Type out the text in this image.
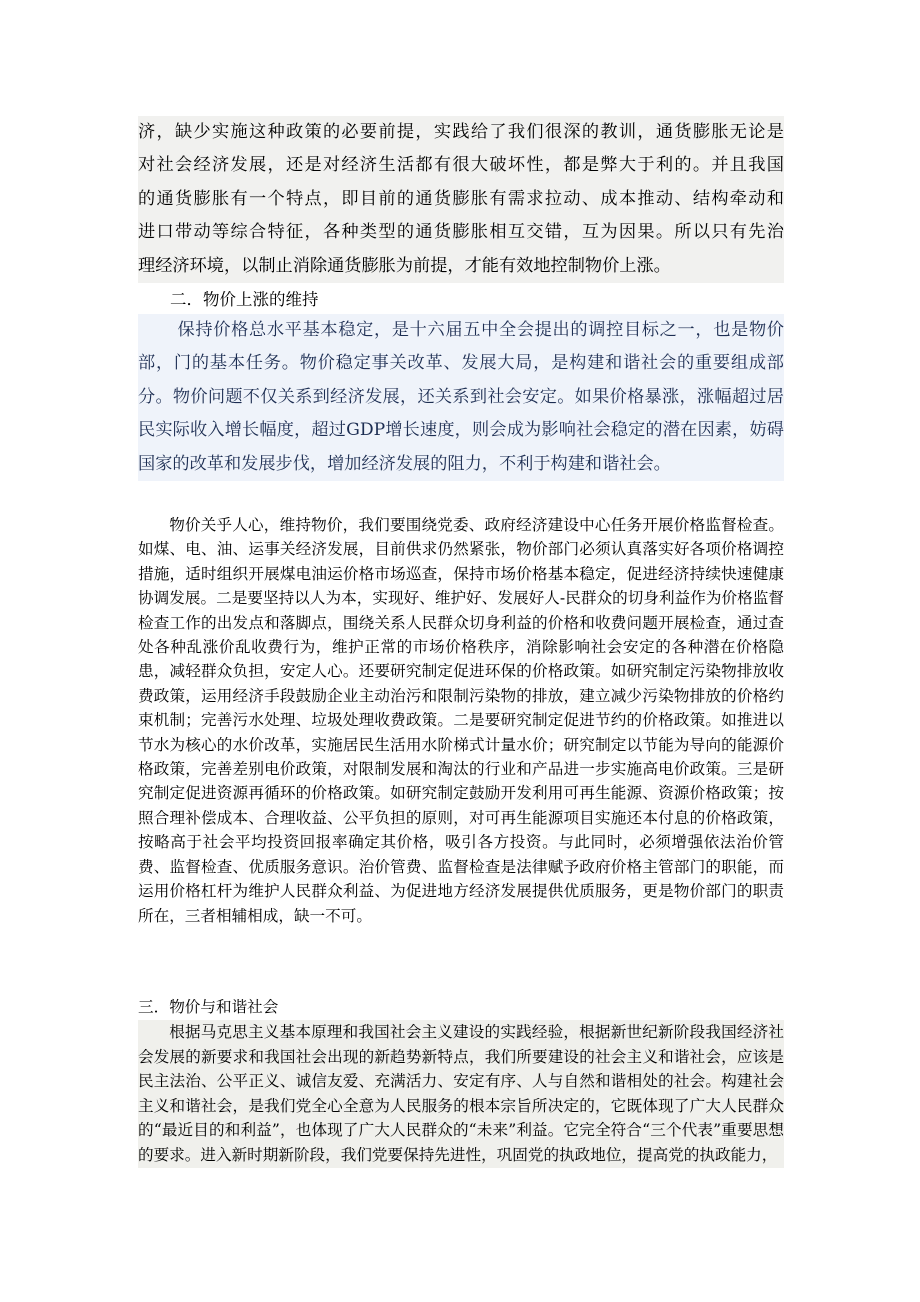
济，缺少实施这种政策的必要前提，实践给了我们很深的教训，通货膨胀无论是
对社会经济发展，还是对经济生活都有很大破坏性，都是弊大于利的。并且我国
的通货膨胀有一个特点，即目前的通货膨胀有需求拉动、成本推动、结构牵动和
进口带动等综合特征，各种类型的通货膨胀相互交错，互为因果。所以只有先治
理经济环境，以制止消除通货膨胀为前提，才能有效地控制物价上涨。
二．物价上涨的维持

保持价格总水平基本稳定，是十六届五中全会提出的调控目标之一，也是物价部，门的基本任务。物价稳定事关改革、发展大局，是构建和谐社会的重要组成部分。物价问题不仅关系到经济发展，还关系到社会安定。如果价格暴涨，涨幅超过居民实际收入增长幅度，超过GDP增长速度，则会成为影响社会稳定的潜在因素，妨碍国家的改革和发展步伐，增加经济发展的阻力，不利于构建和谐社会。

物价关乎人心，维持物价，我们要围绕党委、政府经济建设中心任务开展价格监督检查。如煤、电、油、运事关经济发展，目前供求仍然紧张，物价部门必须认真落实好各项价格调控措施，适时组织开展煤电油运价格市场巡查，保持市场价格基本稳定，促进经济持续快速健康协调发展。二是要坚持以人为本，实现好、维护好、发展好人-民群众的切身利益作为价格监督检查工作的出发点和落脚点，围绕关系人民群众切身利益的价格和收费问题开展检查，通过查处各种乱涨价乱收费行为，维护正常的市场价格秩序，消除影响社会安定的各种潜在价格隐患，减轻群众负担，安定人心。还要研究制定促进环保的价格政策。如研究制定污染物排放收费政策，运用经济手段鼓励企业主动治污和限制污染物的排放，建立减少污染物排放的价格约束机制；完善污水处理、垃圾处理收费政策。二是要研究制定促进节约的价格政策。如推进以节水为核心的水价改革，实施居民生活用水阶梯式计量水价；研究制定以节能为导向的能源价格政策，完善差别电价政策，对限制发展和淘汰的行业和产品进一步实施高电价政策。三是研究制定促进资源再循环的价格政策。如研究制定鼓励开发利用可再生能源、资源价格政策；按照合理补偿成本、合理收益、公平负担的原则，对可再生能源项目实施还本付息的价格政策，按略高于社会平均投资回报率确定其价格，吸引各方投资。与此同时，必须增强依法治价管费、监督检查、优质服务意识。治价管费、监督检查是法律赋予政府价格主管部门的职能，而运用价格杠杆为维护人民群众利益、为促进地方经济发展提供优质服务，更是物价部门的职责所在，三者相辅相成，缺一不可。

三．物价与和谐社会

根据马克思主义基本原理和我国社会主义建设的实践经验，根据新世纪新阶段我国经济社会发展的新要求和我国社会出现的新趋势新特点，我们所要建设的社会主义和谐社会，应该是民主法治、公平正义、诚信友爱、充满活力、安定有序、人与自然和谐相处的社会。构建社会主义和谐社会，是我们党全心全意为人民服务的根本宗旨所决定的，它既体现了广大人民群众的“最近目的和利益”，也体现了广大人民群众的“未来”利益。它完全符合“三个代表”重要思想的要求。进入新时期新阶段，我们党要保持先进性，巩固党的执政地位，提高党的执政能力，
